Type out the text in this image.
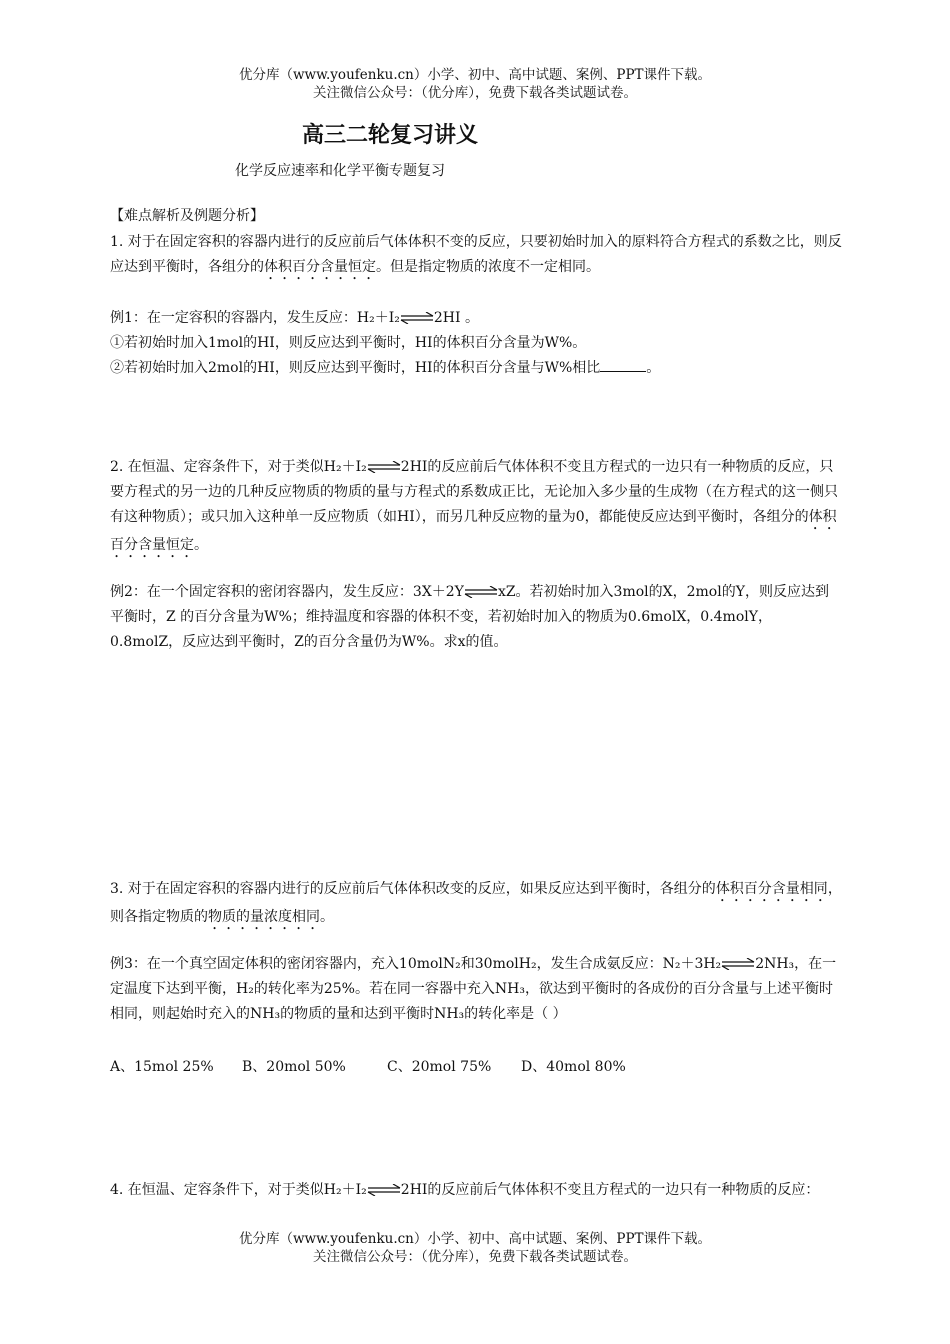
优分库（www.youfenku.cn）小学、初中、高中试题、案例、PPT课件下载。
关注微信公众号：（优分库），免费下载各类试题试卷。
高三二轮复习讲义
化学反应速率和化学平衡专题复习
【难点解析及例题分析】
1. 对于在固定容积的容器内进行的反应前后气体体积不变的反应，只要初始时加入的原料符合方程式的系数之比，则反应达到平衡时，各组分的体积百分含量恒定。但是指定物质的浓度不一定相同。
例1：在一定容积的容器内，发生反应：H₂＋I₂ 2HI 。
①若初始时加入1mol的HI，则反应达到平衡时，HI的体积百分含量为W%。
②若初始时加入2mol的HI，则反应达到平衡时，HI的体积百分含量与W%相比	。
2. 在恒温、定容条件下，对于类似H₂＋I₂ 2HI的反应前后气体体积不变且方程式的一边只有一种物质的反应，只要方程式的另一边的几种反应物质的物质的量与方程式的系数成正比，无论加入多少量的生成物（在方程式的这一侧只有这种物质）；或只加入这种单一反应物质（如HI），而另几种反应物的量为0，都能使反应达到平衡时，各组分的体积百分含量恒定。
例2：在一个固定容积的密闭容器内，发生反应：3X＋2Y xZ。若初始时加入3mol的X，2mol的Y，则反应达到平衡时，Z 的百分含量为W%；维持温度和容器的体积不变，若初始时加入的物质为0.6molX，0.4molY，0.8molZ，反应达到平衡时，Z的百分含量仍为W%。求x的值。
3. 对于在固定容积的容器内进行的反应前后气体体积改变的反应，如果反应达到平衡时，各组分的体积百分含量相同，则各指定物质的物质的量浓度相同。
例3：在一个真空固定体积的密闭容器内，充入10molN₂和30molH₂，发生合成氨反应：N₂＋3H₂ 2NH₃，在一定温度下达到平衡，H₂的转化率为25%。若在同一容器中充入NH₃，欲达到平衡时的各成份的百分含量与上述平衡时相同，则起始时充入的NH₃的物质的量和达到平衡时NH₃的转化率是（ ）
A、15mol 25% B、20mol 50%	C、20mol 75% D、40mol 80%
4. 在恒温、定容条件下，对于类似H₂＋I₂ 2HI的反应前后气体体积不变且方程式的一边只有一种物质的反应：
优分库（www.youfenku.cn）小学、初中、高中试题、案例、PPT课件下载。
关注微信公众号：（优分库），免费下载各类试题试卷。
